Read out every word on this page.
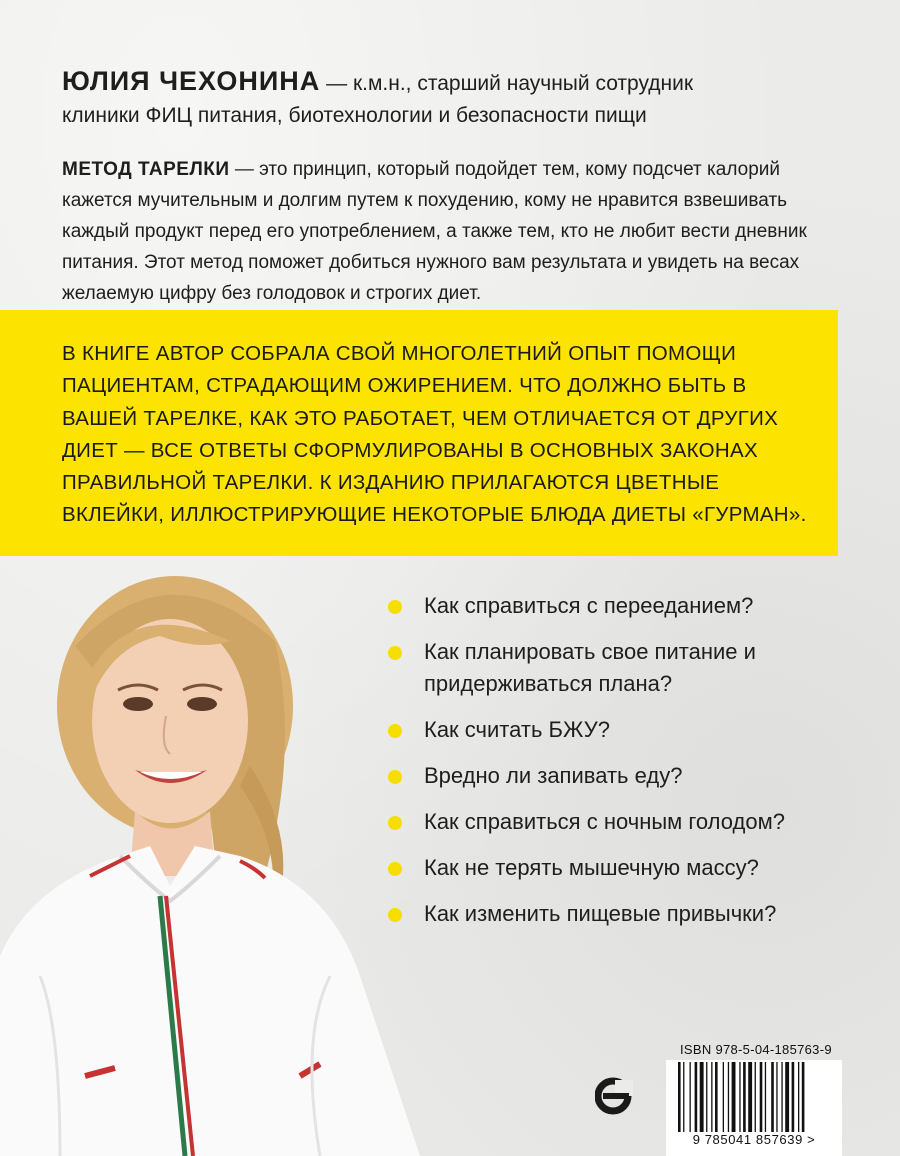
ЮЛИЯ ЧЕХОНИНА — к.м.н., старший научный сотрудник
клиники ФИЦ питания, биотехнологии и безопасности пищи
МЕТОД ТАРЕЛКИ — это принцип, который подойдет тем, кому подсчет калорий кажется мучительным и долгим путем к похудению, кому не нравится взвешивать каждый продукт перед его употреблением, а также тем, кто не любит вести дневник питания. Этот метод поможет добиться нужного вам результата и увидеть на весах желаемую цифру без голодовок и строгих диет.
В КНИГЕ АВТОР СОБРАЛА СВОЙ МНОГОЛЕТНИЙ ОПЫТ ПОМОЩИ ПАЦИЕНТАМ, СТРАДАЮЩИМ ОЖИРЕНИЕМ. ЧТО ДОЛЖНО БЫТЬ В ВАШЕЙ ТАРЕЛКЕ, КАК ЭТО РАБОТАЕТ, ЧЕМ ОТЛИЧАЕТСЯ ОТ ДРУГИХ ДИЕТ — ВСЕ ОТВЕТЫ СФОРМУЛИРОВАНЫ В ОСНОВНЫХ ЗАКОНАХ ПРАВИЛЬНОЙ ТАРЕЛКИ. К ИЗДАНИЮ ПРИЛАГАЮТСЯ ЦВЕТНЫЕ ВКЛЕЙКИ, ИЛЛЮСТРИРУЮЩИЕ НЕКОТОРЫЕ БЛЮДА ДИЕТЫ «ГУРМАН».
Как справиться с перееданием?
Как планировать свое питание и придерживаться плана?
Как считать БЖУ?
Вредно ли запивать еду?
Как справиться с ночным голодом?
Как не терять мышечную массу?
Как изменить пищевые привычки?
ISBN 978-5-04-185763-9
9 785041 857639 >
